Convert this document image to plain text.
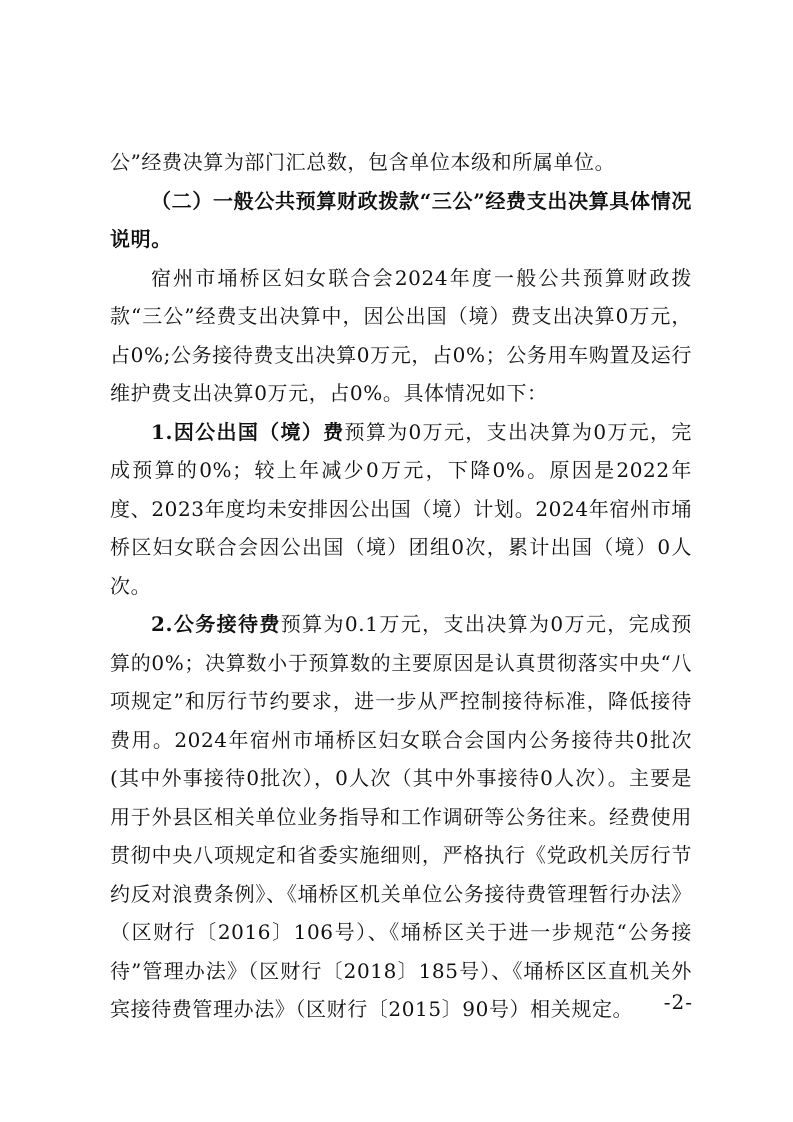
公”经费决算为部门汇总数，包含单位本级和所属单位。

（二）一般公共预算财政拨款“三公”经费支出决算具体情况说明。

宿州市埇桥区妇女联合会2024年度一般公共预算财政拨款“三公”经费支出决算中，因公出国（境）费支出决算0万元，占0%;公务接待费支出决算0万元，占0%；公务用车购置及运行维护费支出决算0万元，占0%。具体情况如下：

1.因公出国（境）费预算为0万元，支出决算为0万元，完成预算的0%；较上年减少0万元，下降0%。原因是2022年度、2023年度均未安排因公出国（境）计划。2024年宿州市埇桥区妇女联合会因公出国（境）团组0次，累计出国（境）0人次。

2.公务接待费预算为0.1万元，支出决算为0万元，完成预算的0%；决算数小于预算数的主要原因是认真贯彻落实中央“八项规定”和厉行节约要求，进一步从严控制接待标准，降低接待费用。2024年宿州市埇桥区妇女联合会国内公务接待共0批次(其中外事接待0批次），0人次（其中外事接待0人次）。主要是用于外县区相关单位业务指导和工作调研等公务往来。经费使用贯彻中央八项规定和省委实施细则，严格执行《党政机关厉行节约反对浪费条例》、《埇桥区机关单位公务接待费管理暂行办法》（区财行〔2016〕106号）、《埇桥区关于进一步规范“公务接待”管理办法》（区财行〔2018〕185号）、《埇桥区区直机关外宾接待费管理办法》（区财行〔2015〕90号）相关规定。	-2-
